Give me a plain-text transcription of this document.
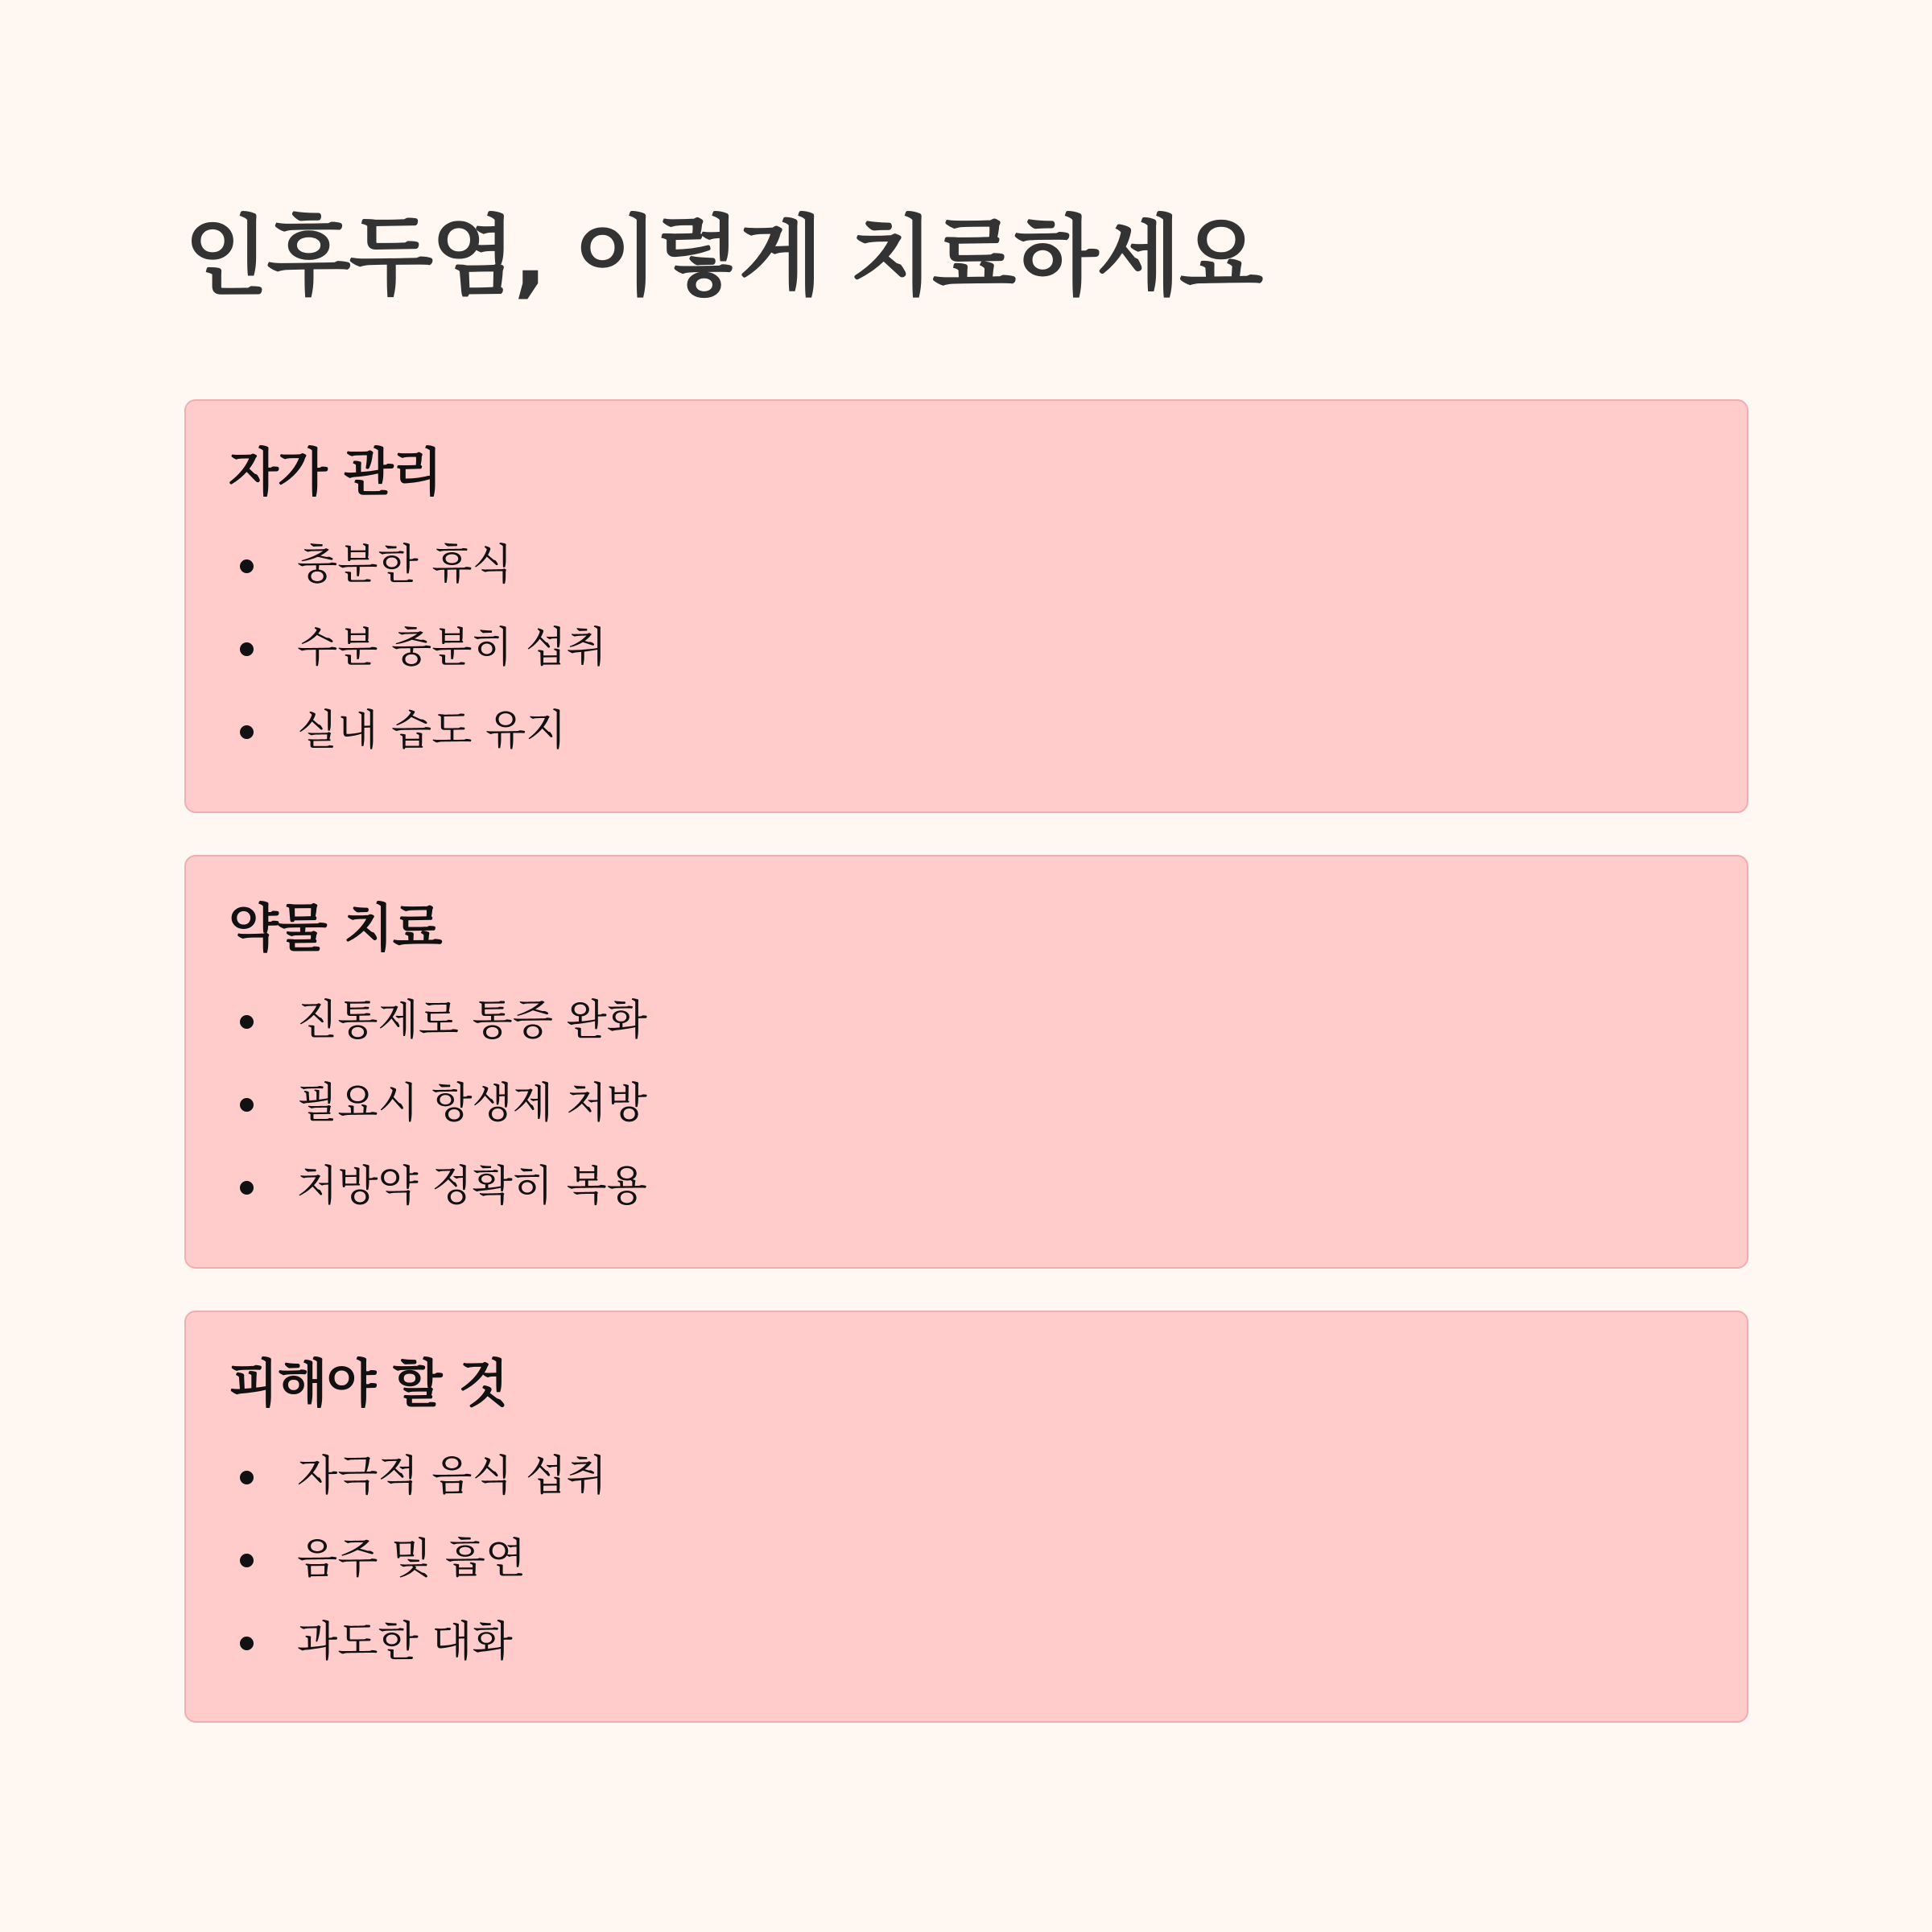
인후두염, 이렇게 치료하세요
자가 관리
충분한 휴식
수분 충분히 섭취
실내 습도 유지
약물 치료
진통제로 통증 완화
필요시 항생제 처방
처방약 정확히 복용
피해야 할 것
자극적 음식 섭취
음주 및 흡연
과도한 대화
